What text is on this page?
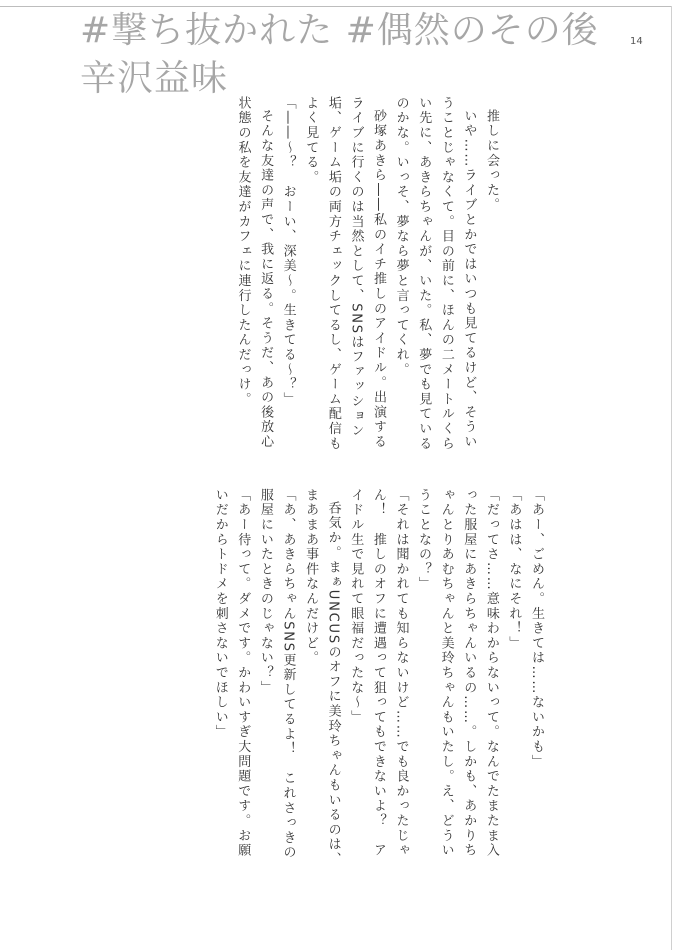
#撃ち抜かれた #偶然のその後
辛沢益味
14

推しに会った。

いや……ライブとかではいつも見てるけど、そういうことじゃなくて。目の前に、ほんの二メートルくらい先に、あきらちゃんが、いた。私、夢でも見ているのかな。いっそ、夢なら夢と言ってくれ。

砂塚あきら――私のイチ推しのアイドル。出演するライブに行くのは当然として、SNSはファッション垢、ゲーム垢の両方チェックしてるし、ゲーム配信もよく見てる。

「――～？　おーい、深美～。生きてる～？」

そんな友達の声で、我に返る。そうだ、あの後放心状態の私を友達がカフェに連行したんだっけ。

「あー、ごめん。生きては……ないかも」

「あはは、なにそれ！」

「だってさ……意味わからないって。なんでたまたま入った服屋にあきらちゃんいるの……。しかも、あかりちゃんとりあむちゃんと美玲ちゃんもいたし。え、どういうことなの？」

「それは聞かれても知らないけど……でも良かったじゃん！　推しのオフに遭遇って狙ってもできないよ？　アイドル生で見れて眼福だったな～」

呑気か。まぁUNCUSのオフに美玲ちゃんもいるのは、まあまあ事件なんだけど。

「あ、あきらちゃんSNS更新してるよ！　これさっきの服屋にいたときのじゃない？」

「あー待って。ダメです。かわいすぎ大問題です。お願いだからトドメを刺さないでほしい」
